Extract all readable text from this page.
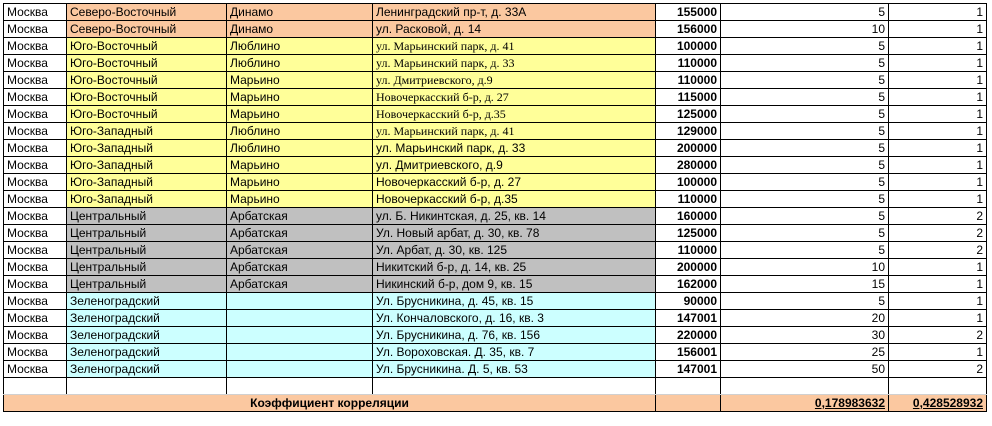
Москва	Северо-Восточный	Динамо	Ленинградский пр-т, д. 33А	155000	5	1
Москва	Северо-Восточный	Динамо	ул. Расковой, д. 14	156000	10	1
Москва	Юго-Восточный	Люблино	ул. Марьинский парк, д. 41	100000	5	1
Москва	Юго-Восточный	Люблино	ул. Марьинский парк, д. 33	110000	5	1
Москва	Юго-Восточный	Марьино	ул. Дмитриевского, д.9	110000	5	1
Москва	Юго-Восточный	Марьино	Новочеркасский б-р, д. 27	115000	5	1
Москва	Юго-Восточный	Марьино	Новочеркасский б-р, д.35	125000	5	1
Москва	Юго-Западный	Люблино	ул. Марьинский парк, д. 41	129000	5	1
Москва	Юго-Западный	Люблино	ул. Марьинский парк, д. 33	200000	5	1
Москва	Юго-Западный	Марьино	ул. Дмитриевского, д.9	280000	5	1
Москва	Юго-Западный	Марьино	Новочеркасский б-р, д. 27	100000	5	1
Москва	Юго-Западный	Марьино	Новочеркасский б-р, д.35	110000	5	1
Москва	Центральный	Арбатская	ул. Б. Никинтская, д. 25, кв. 14	160000	5	2
Москва	Центральный	Арбатская	Ул. Новый арбат, д. 30, кв. 78	125000	5	2
Москва	Центральный	Арбатская	Ул. Арбат, д. 30, кв. 125	110000	5	2
Москва	Центральный	Арбатская	Никитский б-р, д. 14, кв. 25	200000	10	1
Москва	Центральный	Арбатская	Никинский б-р, дом 9, кв. 15	162000	15	1
Москва	Зеленоградский		Ул. Брусникина, д. 45, кв. 15	90000	5	1
Москва	Зеленоградский		Ул. Кончаловского, д. 16, кв. 3	147001	20	1
Москва	Зеленоградский		Ул. Брусникина, д. 76, кв. 156	220000	30	2
Москва	Зеленоградский		Ул. Вороховская. Д. 35, кв. 7	156001	25	1
Москва	Зеленоградский		Ул. Брусникина. Д. 5, кв. 53	147001	50	2

Коэффициент корреляции					0,178983632	0,428528932
